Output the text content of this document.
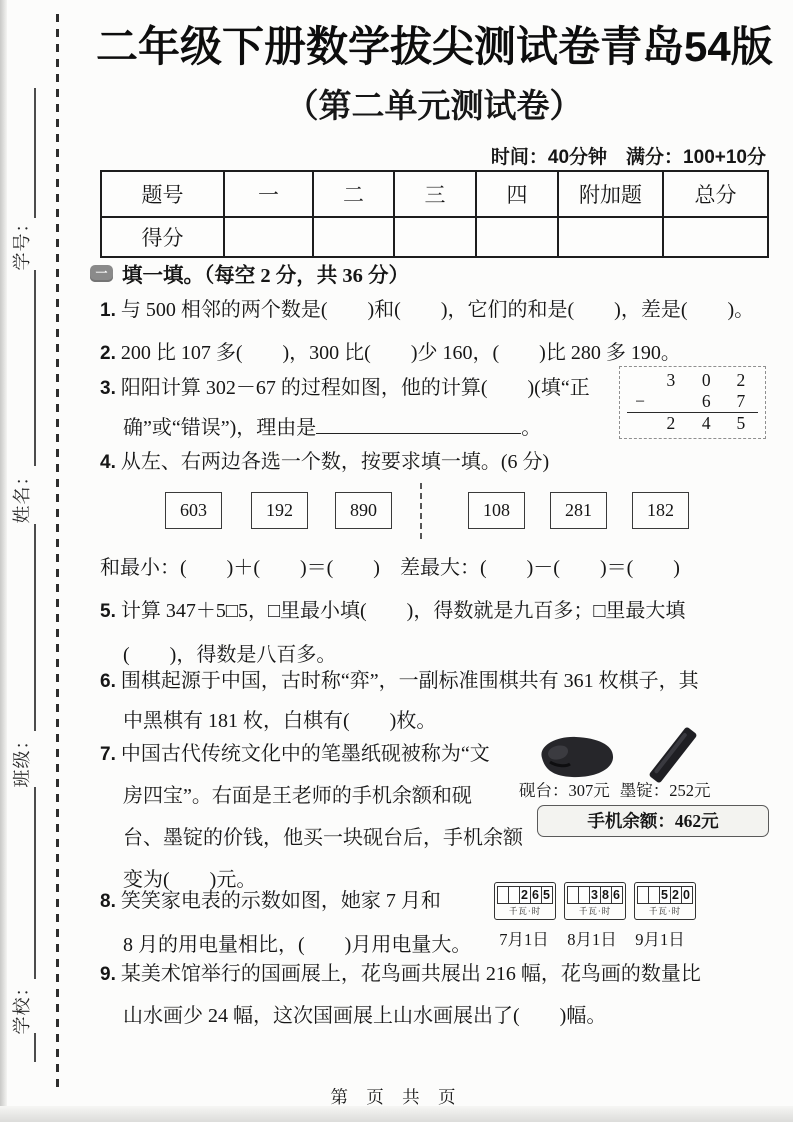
学号：
姓名：
班级：
学校：
二年级下册数学拔尖测试卷青岛54版
（第二单元测试卷）
时间：40分钟　满分：100+10分
题号	一	二	三	四	附加题	总分
得分						
一 填一填。（每空 2 分，共 36 分）
1. 与 500 相邻的两个数是(　　)和(　　)，它们的和是(　　)，差是(　　)。
2. 200 比 107 多(　　)，300 比(　　)少 160，(　　)比 280 多 190。
3. 阳阳计算 302－67 的过程如图，他的计算(　　)(填“正
确”或“错误”)，理由是	。
3	0	2
−	6	7
2	4	5
4. 从左、右两边各选一个数，按要求填一填。(6 分)
603	192	890	108	281	182
和最小：(　　)＋(　　)＝(　　)　差最大：(　　)－(　　)＝(　　)
5. 计算 347＋5□5，□里最小填(　　)，得数就是九百多；□里最大填
(　　)，得数是八百多。
6. 围棋起源于中国，古时称“弈”，一副标准围棋共有 361 枚棋子，其
中黑棋有 181 枚，白棋有(　　)枚。
7. 中国古代传统文化中的笔墨纸砚被称为“文
房四宝”。右面是王老师的手机余额和砚
台、墨锭的价钱，他买一块砚台后，手机余额
变为(　　)元。
砚台：307元 墨锭：252元
手机余额：462元
8. 笑笑家电表的示数如图，她家 7 月和
8 月的用电量相比，(　　)月用电量大。
2 6 5
千瓦·时
3 8 6
千瓦·时
5 2 0
千瓦·时
7月1日	8月1日	9月1日
9. 某美术馆举行的国画展上，花鸟画共展出 216 幅，花鸟画的数量比
山水画少 24 幅，这次国画展上山水画展出了(　　)幅。
第 页 共 页
